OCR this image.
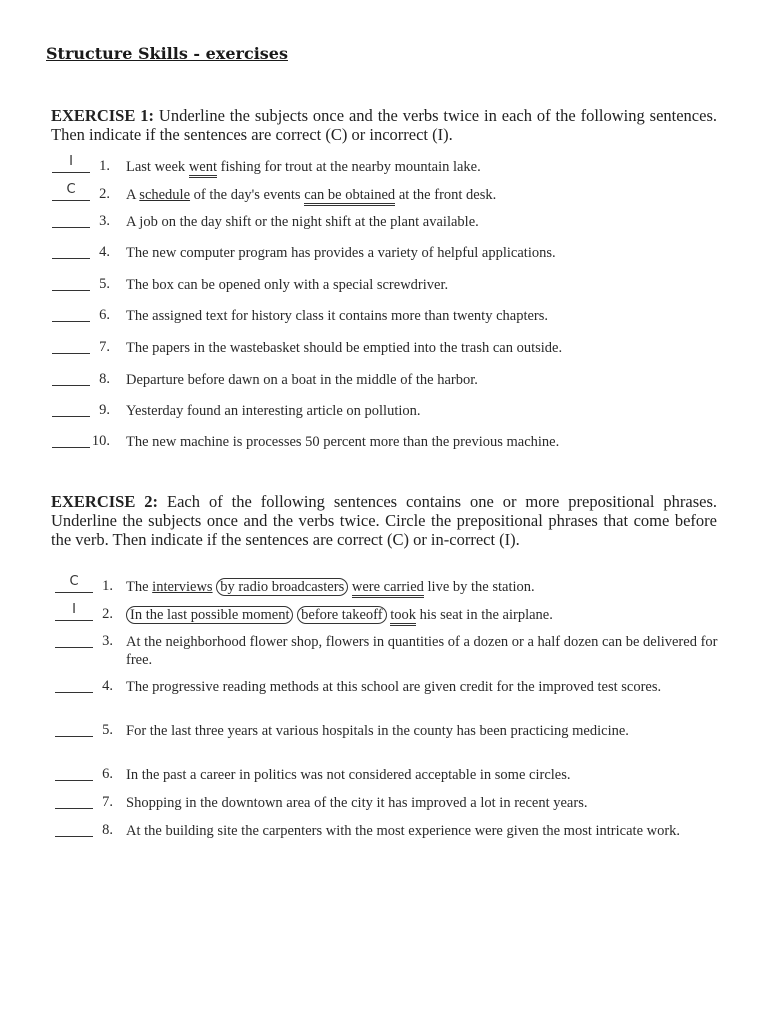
Structure Skills - exercises
EXERCISE 1: Underline the subjects once and the verbs twice in each of the following sentences. Then indicate if the sentences are correct (C) or incorrect (I).
I	1. Last week went fishing for trout at the nearby mountain lake.
C	2. A schedule of the day's events can be obtained at the front desk.
3. A job on the day shift or the night shift at the plant available.
4. The new computer program has provides a variety of helpful applications.
5. The box can be opened only with a special screwdriver.
6. The assigned text for history class it contains more than twenty chapters.
7. The papers in the wastebasket should be emptied into the trash can outside.
8. Departure before dawn on a boat in the middle of the harbor.
9. Yesterday found an interesting article on pollution.
10. The new machine is processes 50 percent more than the previous machine.
EXERCISE 2: Each of the following sentences contains one or more prepositional phrases. Underline the subjects once and the verbs twice. Circle the prepositional phrases that come before the verb. Then indicate if the sentences are correct (C) or in-correct (I).
C	1. The interviews by radio broadcasters were carried live by the station.
I	2. In the last possible moment before takeoff took his seat in the airplane.
3. At the neighborhood flower shop, flowers in quantities of a dozen or a half dozen can be delivered for free.
4. The progressive reading methods at this school are given credit for the improved test scores.
5. For the last three years at various hospitals in the county has been practicing medicine.
6. In the past a career in politics was not considered acceptable in some circles.
7. Shopping in the downtown area of the city it has improved a lot in recent years.
8. At the building site the carpenters with the most experience were given the most intricate work.
